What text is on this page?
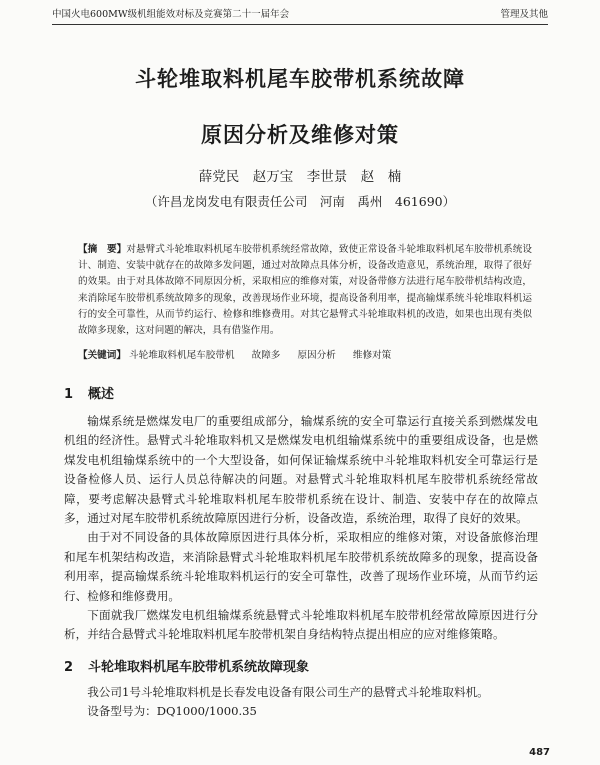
中国火电600MW级机组能效对标及竞赛第二十一届年会	管理及其他
斗轮堆取料机尾车胶带机系统故障
原因分析及维修对策
薛党民　赵万宝　李世景　赵　楠
（许昌龙岗发电有限责任公司　河南　禹州　461690）
【摘　要】对悬臂式斗轮堆取料机尾车胶带机系统经常故障，致使正常设备斗轮堆取料机尾车胶带机系统设计、制造、安装中就存在的故障多发问题，通过对故障点具体分析，设备改造意见，系统治理，取得了很好的效果。由于对具体故障不同原因分析，采取相应的维修对策，对设备带修方法进行尾车胶带机结构改造，来消除尾车胶带机系统故障多的现象，改善现场作业环境，提高设备利用率，提高输煤系统斗轮堆取料机运行的安全可靠性，从而节约运行、检修和维修费用。对其它悬臂式斗轮堆取料机的改造，如果也出现有类似故障多现象，这对问题的解决，具有借鉴作用。
【关键词】 斗轮堆取料机尾车胶带机 故障多 原因分析 维修对策
1 概述

输煤系统是燃煤发电厂的重要组成部分，输煤系统的安全可靠运行直接关系到燃煤发电机组的经济性。悬臂式斗轮堆取料机又是燃煤发电机组输煤系统中的重要组成设备，也是燃煤发电机组输煤系统中的一个大型设备，如何保证输煤系统中斗轮堆取料机安全可靠运行是设备检修人员、运行人员总待解决的问题。对悬臂式斗轮堆取料机尾车胶带机系统经常故障，要考虑解决悬臂式斗轮堆取料机尾车胶带机系统在设计、制造、安装中存在的故障点多，通过对尾车胶带机系统故障原因进行分析，设备改造，系统治理，取得了良好的效果。

由于对不同设备的具体故障原因进行具体分析，采取相应的维修对策，对设备旅修治理和尾车机架结构改造，来消除悬臂式斗轮堆取料机尾车胶带机系统故障多的现象，提高设备利用率，提高输煤系统斗轮堆取料机运行的安全可靠性，改善了现场作业环境，从而节约运行、检修和维修费用。

下面就我厂燃煤发电机组输煤系统悬臂式斗轮堆取料机尾车胶带机经常故障原因进行分析，并结合悬臂式斗轮堆取料机尾车胶带机架自身结构特点提出相应的应对维修策略。

2 斗轮堆取料机尾车胶带机系统故障现象

我公司1号斗轮堆取料机是长春发电设备有限公司生产的悬臂式斗轮堆取料机。

设备型号为：DQ1000/1000.35

487
